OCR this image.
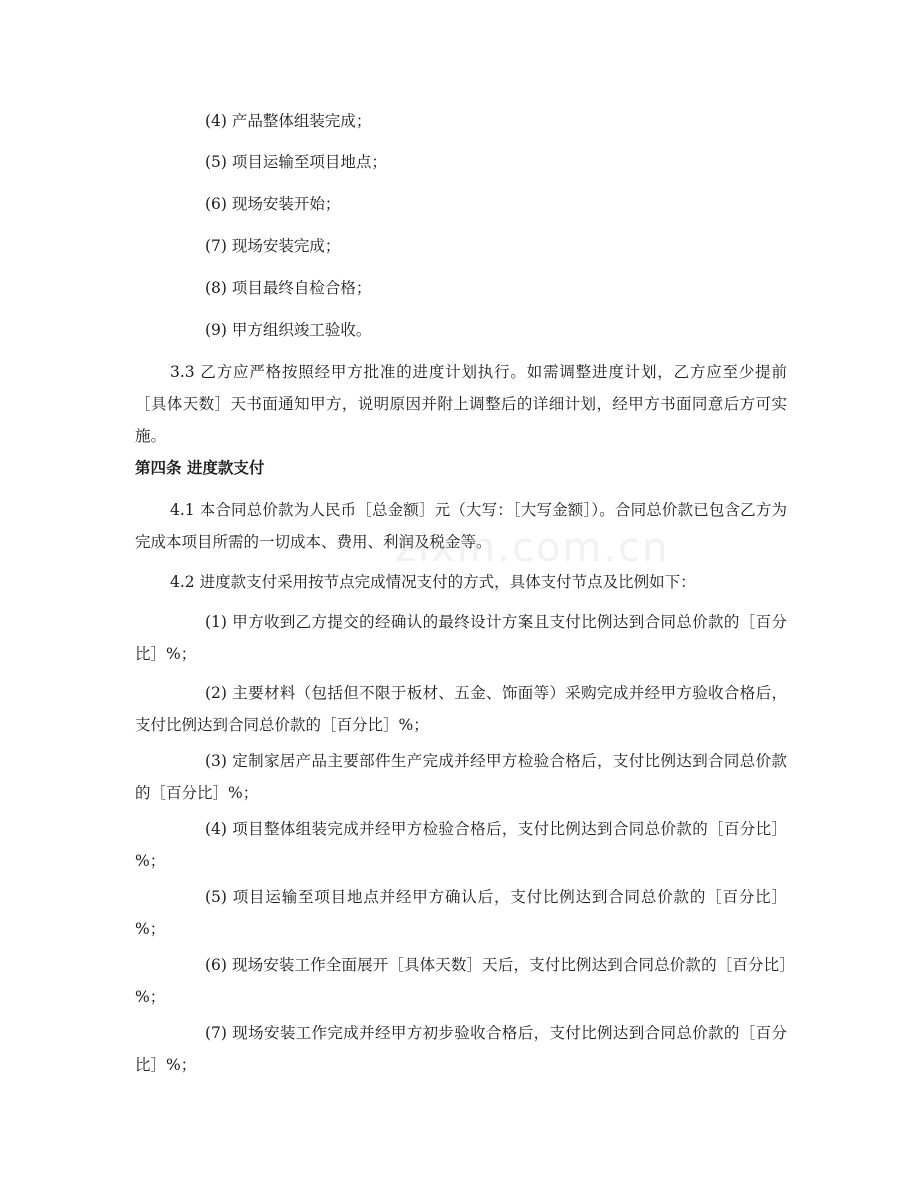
(4) 产品整体组装完成；

(5) 项目运输至项目地点；

(6) 现场安装开始；

(7) 现场安装完成；

(8) 项目最终自检合格；

(9) 甲方组织竣工验收。

3.3 乙方应严格按照经甲方批准的进度计划执行。如需调整进度计划，乙方应至少提前［具体天数］天书面通知甲方，说明原因并附上调整后的详细计划，经甲方书面同意后方可实施。

第四条 进度款支付

4.1 本合同总价款为人民币［总金额］元（大写：［大写金额］）。合同总价款已包含乙方为完成本项目所需的一切成本、费用、利润及税金等。

4.2 进度款支付采用按节点完成情况支付的方式，具体支付节点及比例如下：

(1) 甲方收到乙方提交的经确认的最终设计方案且支付比例达到合同总价款的［百分比］%；

(2) 主要材料（包括但不限于板材、五金、饰面等）采购完成并经甲方验收合格后，支付比例达到合同总价款的［百分比］%；

(3) 定制家居产品主要部件生产完成并经甲方检验合格后，支付比例达到合同总价款的［百分比］%；

(4) 项目整体组装完成并经甲方检验合格后，支付比例达到合同总价款的［百分比］%；

(5) 项目运输至项目地点并经甲方确认后，支付比例达到合同总价款的［百分比］%；

(6) 现场安装工作全面展开［具体天数］天后，支付比例达到合同总价款的［百分比］%；

(7) 现场安装工作完成并经甲方初步验收合格后，支付比例达到合同总价款的［百分比］%；

zixin.com.cn
